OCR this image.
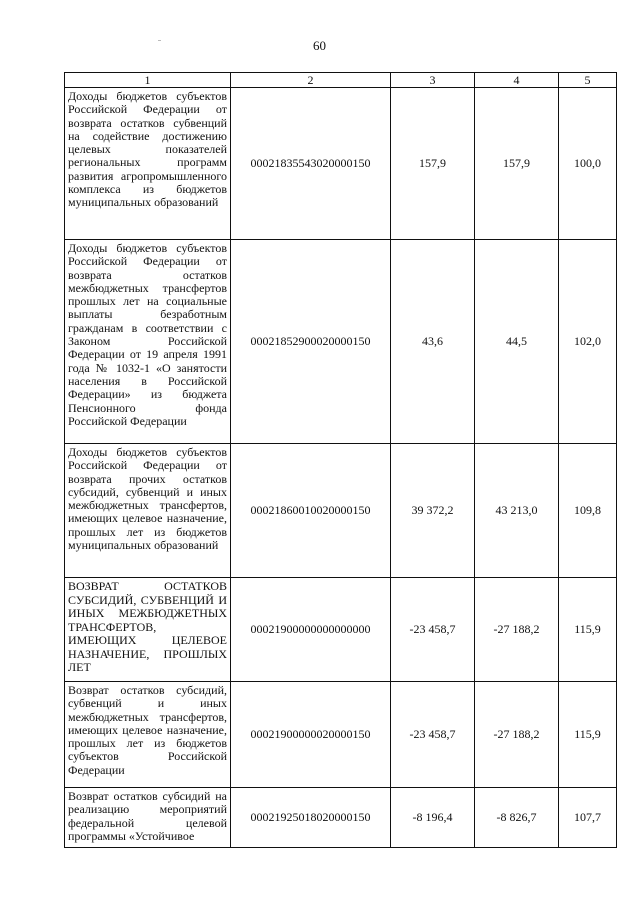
60
1	2	3	4	5
Доходы бюджетов субъектов Российской Федерации от возврата остатков субвенций на содействие достижению целевых показателей региональных программ развития агропромышленного комплекса из бюджетов муниципальных образований	00021835543020000150	157,9	157,9	100,0
Доходы бюджетов субъектов Российской Федерации от возврата остатков межбюджетных трансфертов прошлых лет на социальные выплаты безработным гражданам в соответствии с Законом Российской Федерации от 19 апреля 1991 года № 1032-1 «О занятости населения в Российской Федерации» из бюджета Пенсионного фонда Российской Федерации	00021852900020000150	43,6	44,5	102,0
Доходы бюджетов субъектов Российской Федерации от возврата прочих остатков субсидий, субвенций и иных межбюджетных трансфертов, имеющих целевое назначение, прошлых лет из бюджетов муниципальных образований	00021860010020000150	39 372,2	43 213,0	109,8
ВОЗВРАТ ОСТАТКОВ СУБСИДИЙ, СУБВЕНЦИЙ И ИНЫХ МЕЖБЮДЖЕТНЫХ ТРАНСФЕРТОВ, ИМЕЮЩИХ ЦЕЛЕВОЕ НАЗНАЧЕНИЕ, ПРОШЛЫХ ЛЕТ	00021900000000000000	-23 458,7	-27 188,2	115,9
Возврат остатков субсидий, субвенций и иных межбюджетных трансфертов, имеющих целевое назначение, прошлых лет из бюджетов субъектов Российской Федерации	00021900000020000150	-23 458,7	-27 188,2	115,9
Возврат остатков субсидий на реализацию мероприятий федеральной целевой программы «Устойчивое	00021925018020000150	-8 196,4	-8 826,7	107,7
